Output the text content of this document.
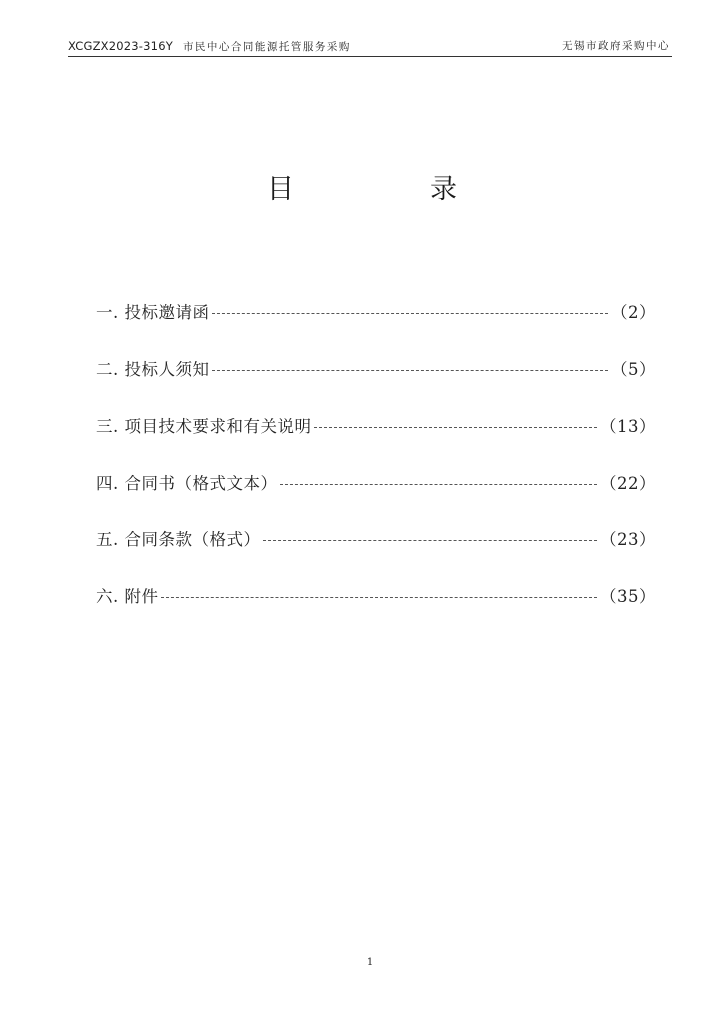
XCGZX2023-316Y 市民中心合同能源托管服务采购	无锡市政府采购中心
目	录
一. 投标邀请函	（2）
二. 投标人须知	（5）
三. 项目技术要求和有关说明	（13）
四. 合同书（格式文本）	（22）
五. 合同条款（格式）	（23）
六. 附件	（35）
1
